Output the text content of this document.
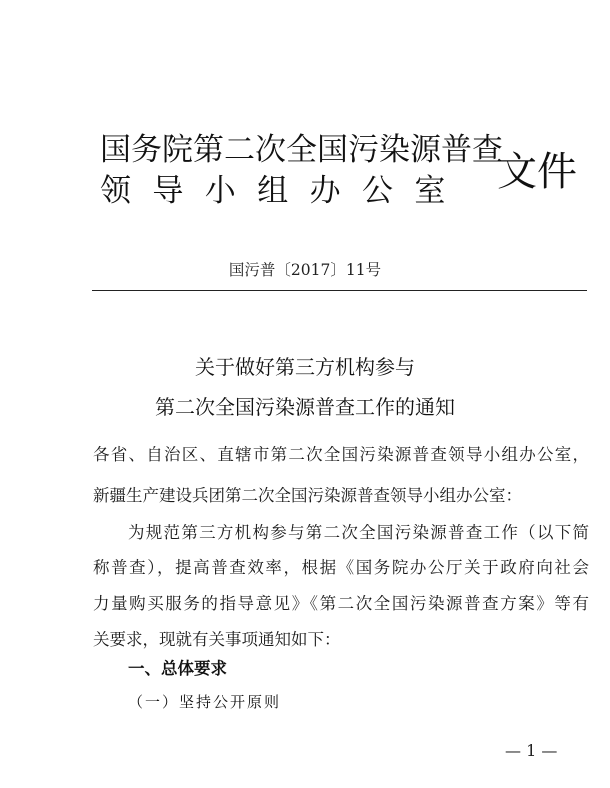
国务院第二次全国污染源普查
领导小组办公室 文件
国污普〔2017〕11号
关于做好第三方机构参与
第二次全国污染源普查工作的通知
各省、自治区、直辖市第二次全国污染源普查领导小组办公室，
新疆生产建设兵团第二次全国污染源普查领导小组办公室：
为规范第三方机构参与第二次全国污染源普查工作（以下简
称普查），提高普查效率，根据《国务院办公厅关于政府向社会
力量购买服务的指导意见》《第二次全国污染源普查方案》等有
关要求，现就有关事项通知如下：
一、总体要求
（一）坚持公开原则
— 1 —
